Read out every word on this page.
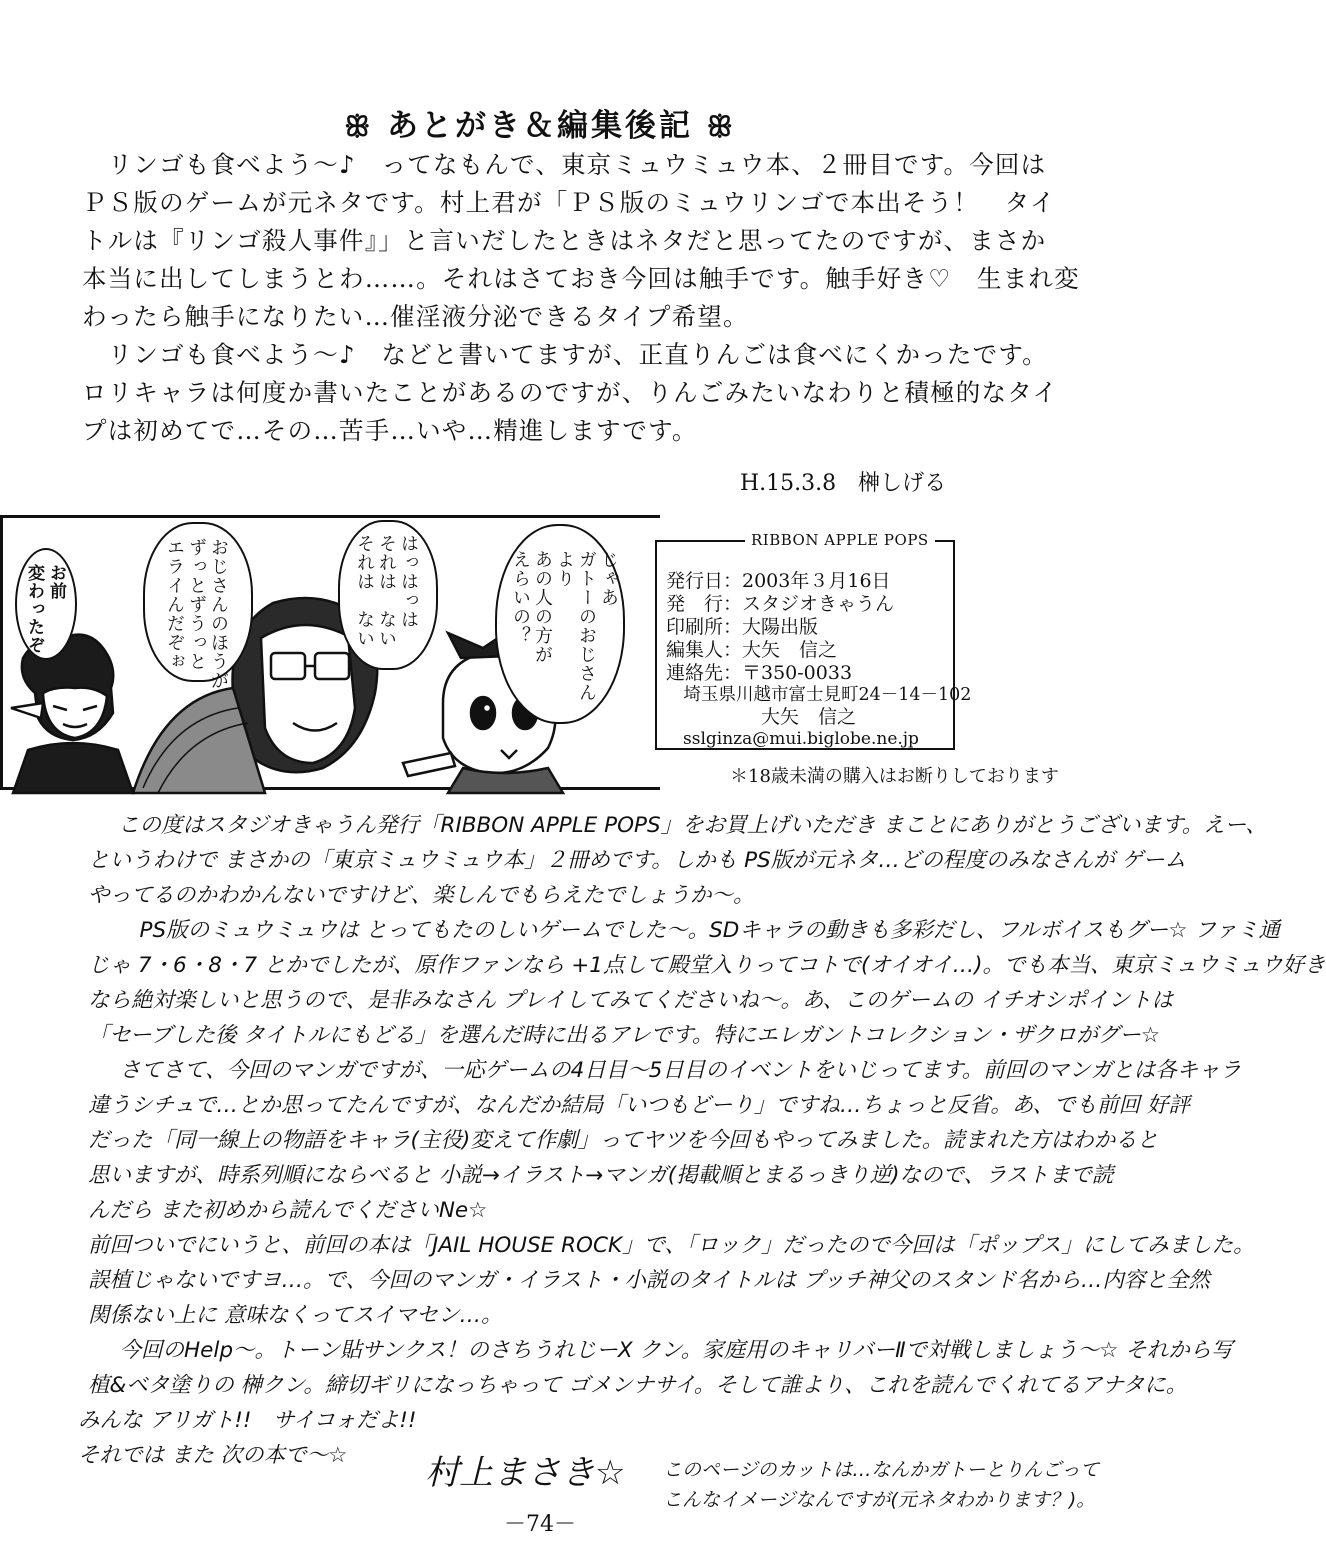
ꕥ あとがき＆編集後記 ꕥ
　リンゴも食べよう～♪　ってなもんで、東京ミュウミュウ本、２冊目です。今回は
ＰＳ版のゲームが元ネタです。村上君が「ＰＳ版のミュウリンゴで本出そう！　タイ
トルは『リンゴ殺人事件』」と言いだしたときはネタだと思ってたのですが、まさか
本当に出してしまうとわ……。それはさておき今回は触手です。触手好き♡　生まれ変
わったら触手になりたい…催淫液分泌できるタイプ希望。
　リンゴも食べよう～♪　などと書いてますが、正直りんごは食べにくかったです。
ロリキャラは何度か書いたことがあるのですが、りんごみたいなわりと積極的なタイ
プは初めてで…その…苦手…いや…精進しますです。
H.15.3.8　榊しげる
お前
変わったぞ	おじさんのほうが
ずっとずうっと
エライんだぞぉ	はっはっは
それは　ない
それは　ない
じゃあ
ガトーのおじさん
より
あの人の方が
えらいの？
RIBBON APPLE POPS
発行日：2003年３月16日
発　行：スタジオきゃうん
印刷所：大陽出版
編集人：大矢　信之
連絡先：〒350-0033
　埼玉県川越市富士見町24－14－102
　　　　　大矢　信之
　ssl​ginza@mui.biglobe.ne.jp
＊18歳未満の購入はお断りしております
この度はスタジオきゃうん発行「RIBBON APPLE POPS」をお買上げいただき まことにありがとうございます。えー、
というわけで まさかの「東京ミュウミュウ本」２冊めです。しかも PS版が元ネタ…どの程度のみなさんが ゲーム
やってるのかわかんないですけど、楽しんでもらえたでしょうか～。
　PS版のミュウミュウは とってもたのしいゲームでした～。SDキャラの動きも多彩だし、フルボイスもグー☆ ファミ通
じゃ 7・6・8・7 とかでしたが、原作ファンなら +1点して殿堂入りってコトで(オイオイ…)。でも本当、東京ミュウミュウ好き
なら絶対楽しいと思うので、是非みなさん プレイしてみてくださいね～。あ、このゲームの イチオシポイントは
「セーブした後 タイトルにもどる」を選んだ時に出るアレです。特にエレガントコレクション・ザクロがグー☆
　さてさて、今回のマンガですが、一応ゲームの4日目～5日目のイベントをいじってます。前回のマンガとは各キャラ
違うシチュで…とか思ってたんですが、なんだか結局「いつもどーり」ですね…ちょっと反省。あ、でも前回 好評
だった「同一線上の物語をキャラ(主役)変えて作劇」ってヤツを今回もやってみました。読まれた方はわかると
思いますが、時系列順にならべると 小説→イラスト→マンガ(掲載順とまるっきり逆)なので、ラストまで読
んだら また初めから読んでくださいNe☆
前回ついでにいうと、前回の本は「JAIL HOUSE ROCK」で、「ロック」だったので今回は「ポップス」にしてみました。
誤植じゃないですヨ…。で、今回のマンガ・イラスト・小説のタイトルは プッチ神父のスタンド名から…内容と全然
関係ない上に 意味なくってスイマセン…。
　今回のHelp～。トーン貼サンクス！のさちうれじーX クン。家庭用のキャリバーⅡで対戦しましょう～☆ それから写
植&ベタ塗りの 榊クン。締切ギリになっちゃって ゴメンナサイ。そして誰より、これを読んでくれてるアナタに。
みんな アリガト!!　サイコォだよ!!
それでは また 次の本で～☆	村上まさき☆ このページのカットは…なんかガトーとりんごって
こんなイメージなんですが(元ネタわかります？)。
－74－
